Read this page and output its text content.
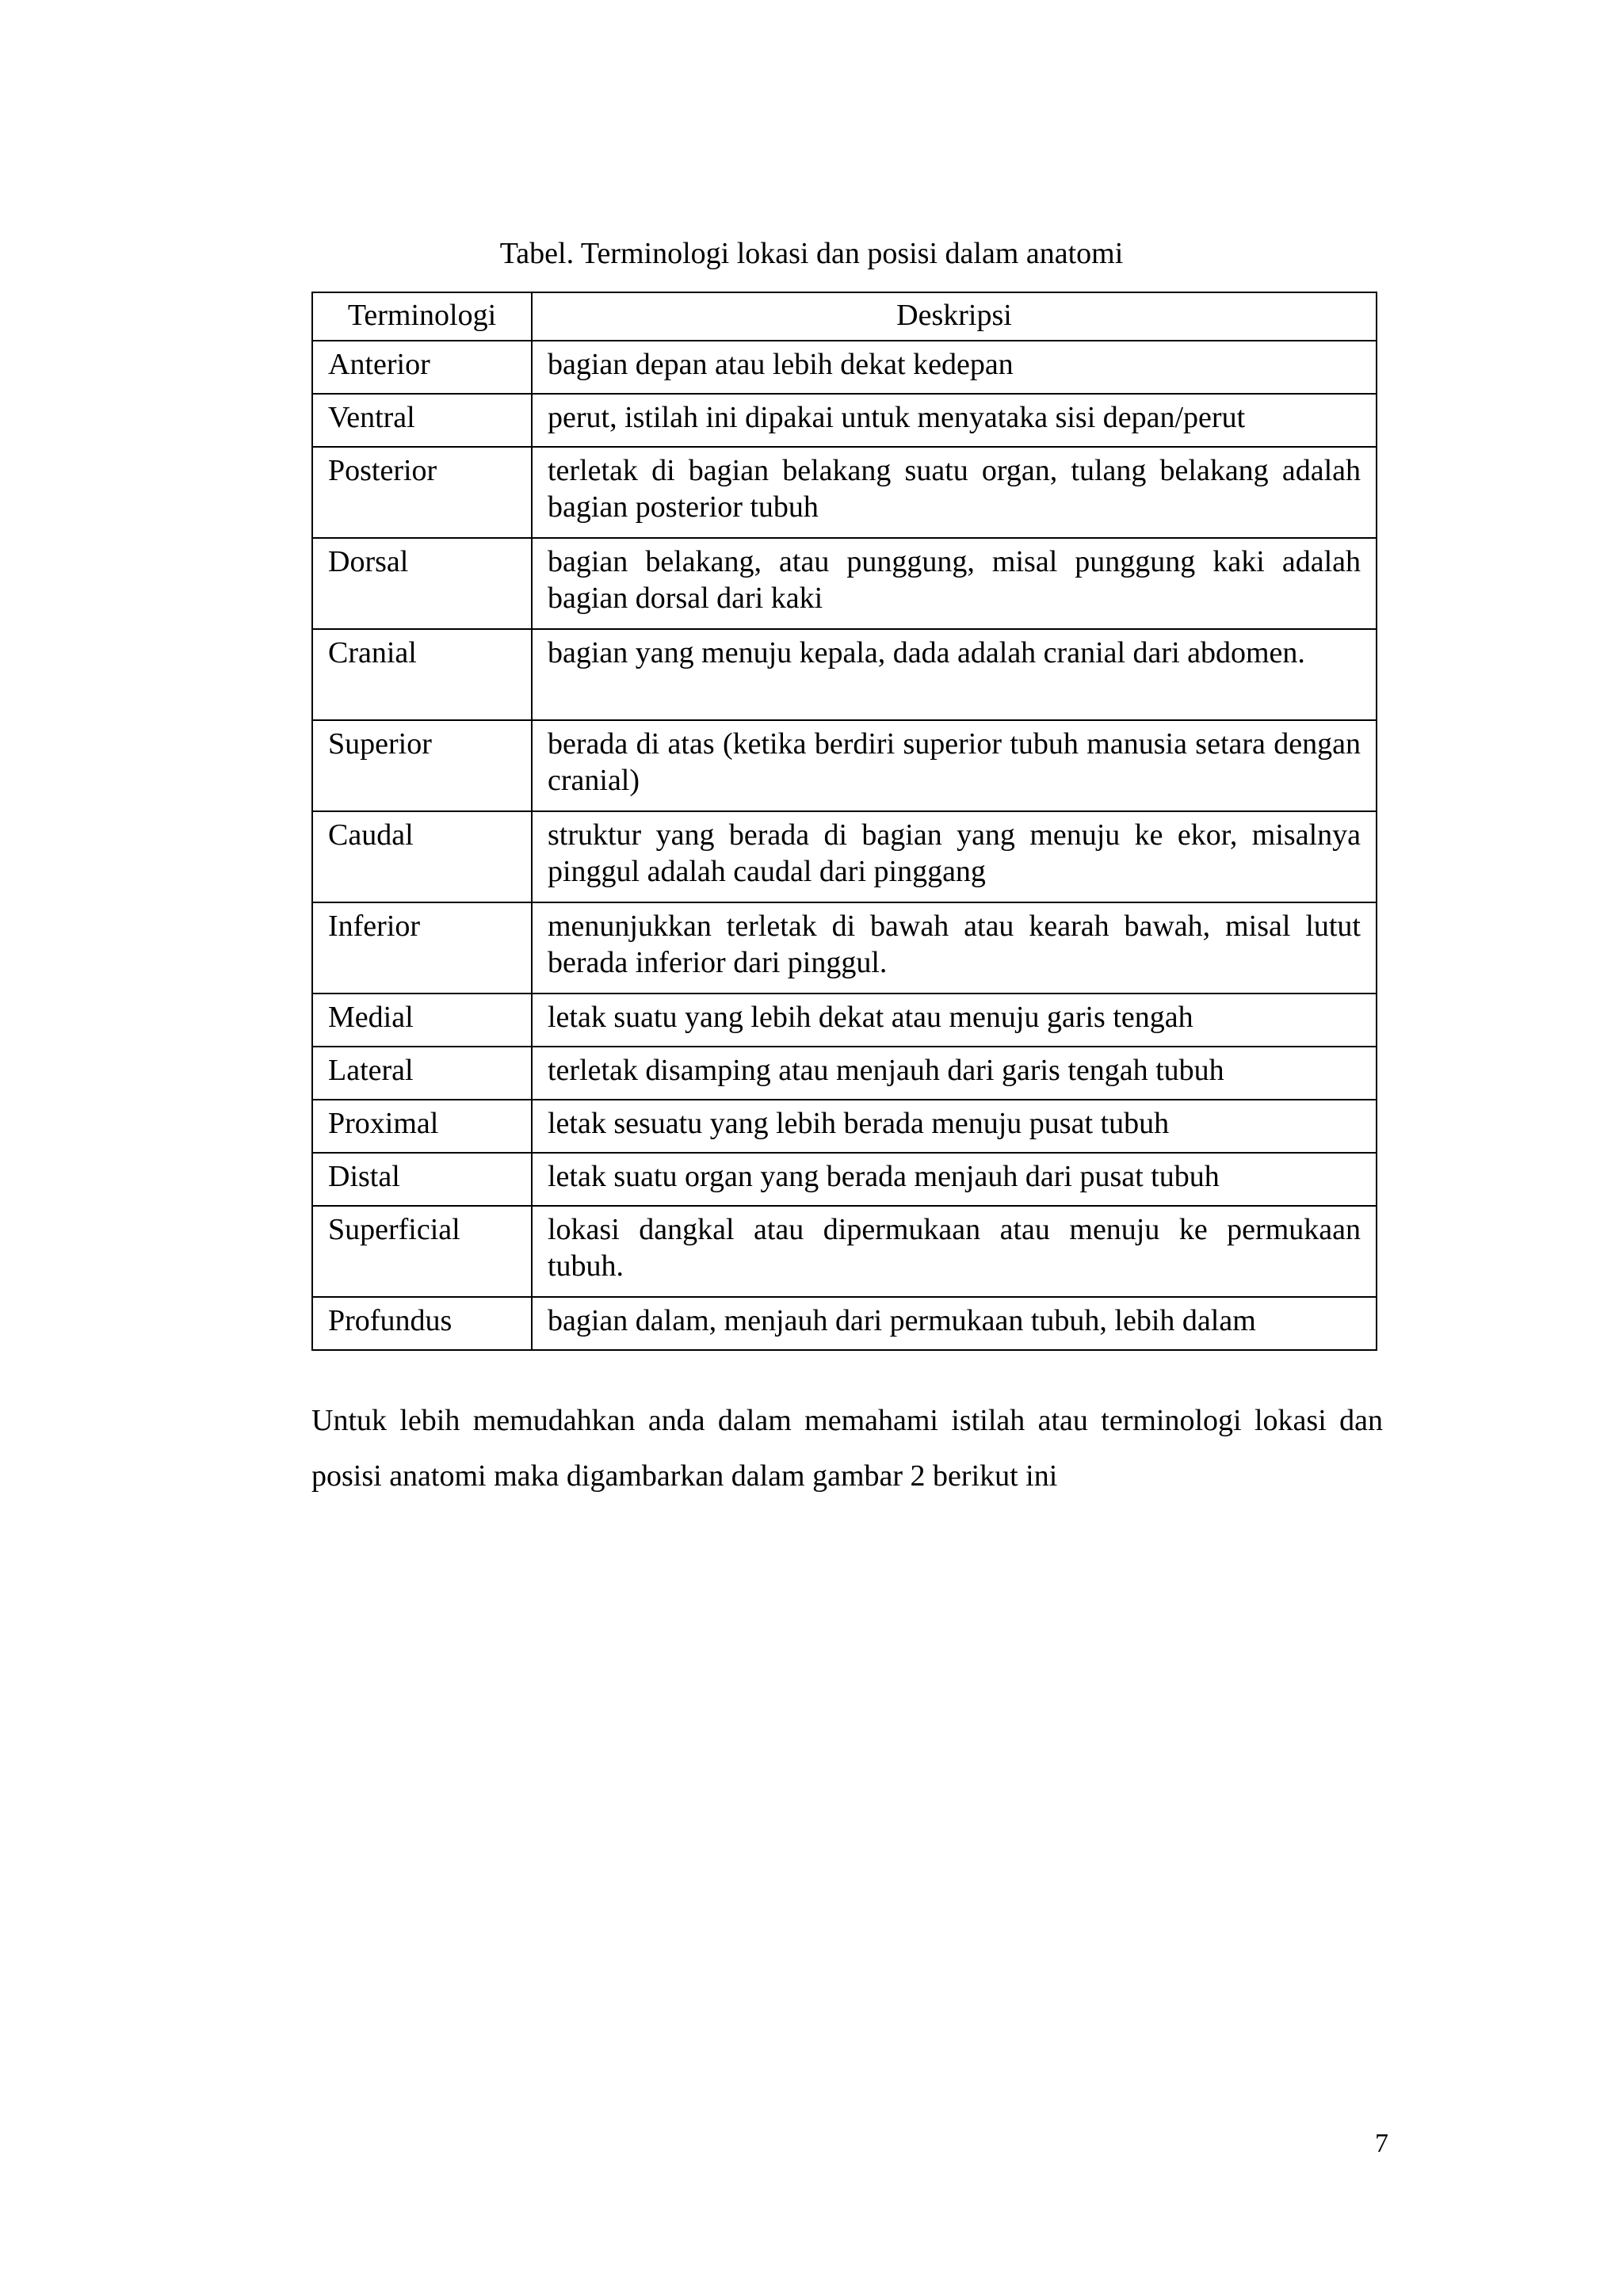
Tabel. Terminologi lokasi dan posisi dalam anatomi

Terminologi	Deskripsi
Anterior	bagian depan atau lebih dekat kedepan
Ventral	perut, istilah ini dipakai untuk menyataka sisi depan/perut
Posterior	terletak di bagian belakang suatu organ, tulang belakang adalah bagian posterior tubuh
Dorsal	bagian belakang, atau punggung, misal punggung kaki adalah bagian dorsal dari kaki
Cranial	bagian yang menuju kepala, dada adalah cranial dari abdomen.
Superior	berada di atas (ketika berdiri superior tubuh manusia setara dengan cranial)
Caudal	struktur yang berada di bagian yang menuju ke ekor, misalnya pinggul adalah caudal dari pinggang
Inferior	menunjukkan terletak di bawah atau kearah bawah, misal lutut berada inferior dari pinggul.
Medial	letak suatu yang lebih dekat atau menuju garis tengah
Lateral	terletak disamping atau menjauh dari garis tengah tubuh
Proximal	letak sesuatu yang lebih berada menuju pusat tubuh
Distal	letak suatu organ yang berada menjauh dari pusat tubuh
Superficial	lokasi dangkal atau dipermukaan atau menuju ke permukaan tubuh.
Profundus	bagian dalam, menjauh dari permukaan tubuh, lebih dalam

Untuk lebih memudahkan anda dalam memahami istilah atau terminologi lokasi dan posisi anatomi maka digambarkan dalam gambar 2 berikut ini

7
